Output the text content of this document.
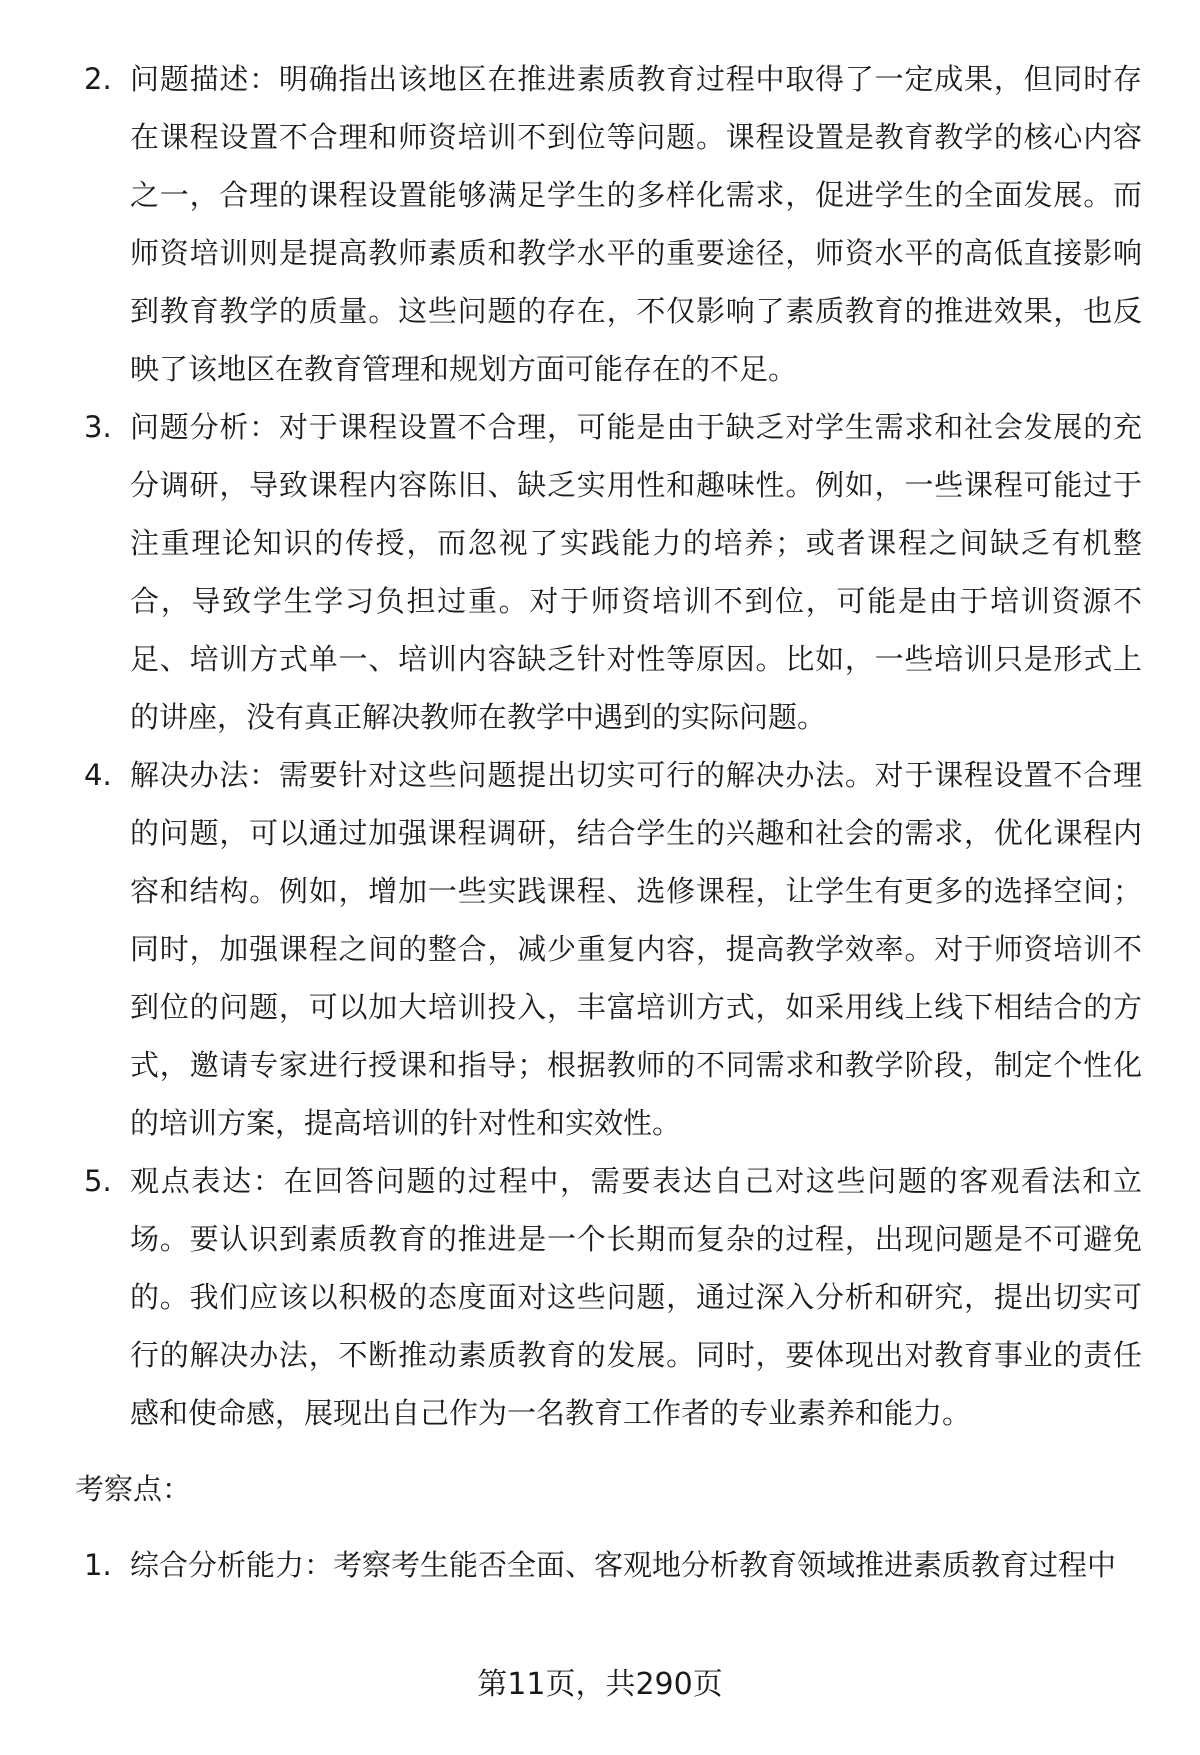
2. 问题描述：明确指出该地区在推进素质教育过程中取得了一定成果，但同时存在课程设置不合理和师资培训不到位等问题。课程设置是教育教学的核心内容之一，合理的课程设置能够满足学生的多样化需求，促进学生的全面发展。而师资培训则是提高教师素质和教学水平的重要途径，师资水平的高低直接影响到教育教学的质量。这些问题的存在，不仅影响了素质教育的推进效果，也反映了该地区在教育管理和规划方面可能存在的不足。
3. 问题分析：对于课程设置不合理，可能是由于缺乏对学生需求和社会发展的充分调研，导致课程内容陈旧、缺乏实用性和趣味性。例如，一些课程可能过于注重理论知识的传授，而忽视了实践能力的培养；或者课程之间缺乏有机整合，导致学生学习负担过重。对于师资培训不到位，可能是由于培训资源不足、培训方式单一、培训内容缺乏针对性等原因。比如，一些培训只是形式上的讲座，没有真正解决教师在教学中遇到的实际问题。
4. 解决办法：需要针对这些问题提出切实可行的解决办法。对于课程设置不合理的问题，可以通过加强课程调研，结合学生的兴趣和社会的需求，优化课程内容和结构。例如，增加一些实践课程、选修课程，让学生有更多的选择空间；同时，加强课程之间的整合，减少重复内容，提高教学效率。对于师资培训不到位的问题，可以加大培训投入，丰富培训方式，如采用线上线下相结合的方式，邀请专家进行授课和指导；根据教师的不同需求和教学阶段，制定个性化的培训方案，提高培训的针对性和实效性。
5. 观点表达：在回答问题的过程中，需要表达自己对这些问题的客观看法和立场。要认识到素质教育的推进是一个长期而复杂的过程，出现问题是不可避免的。我们应该以积极的态度面对这些问题，通过深入分析和研究，提出切实可行的解决办法，不断推动素质教育的发展。同时，要体现出对教育事业的责任感和使命感，展现出自己作为一名教育工作者的专业素养和能力。
考察点：
1. 综合分析能力：考察考生能否全面、客观地分析教育领域推进素质教育过程中
第11页，共290页
